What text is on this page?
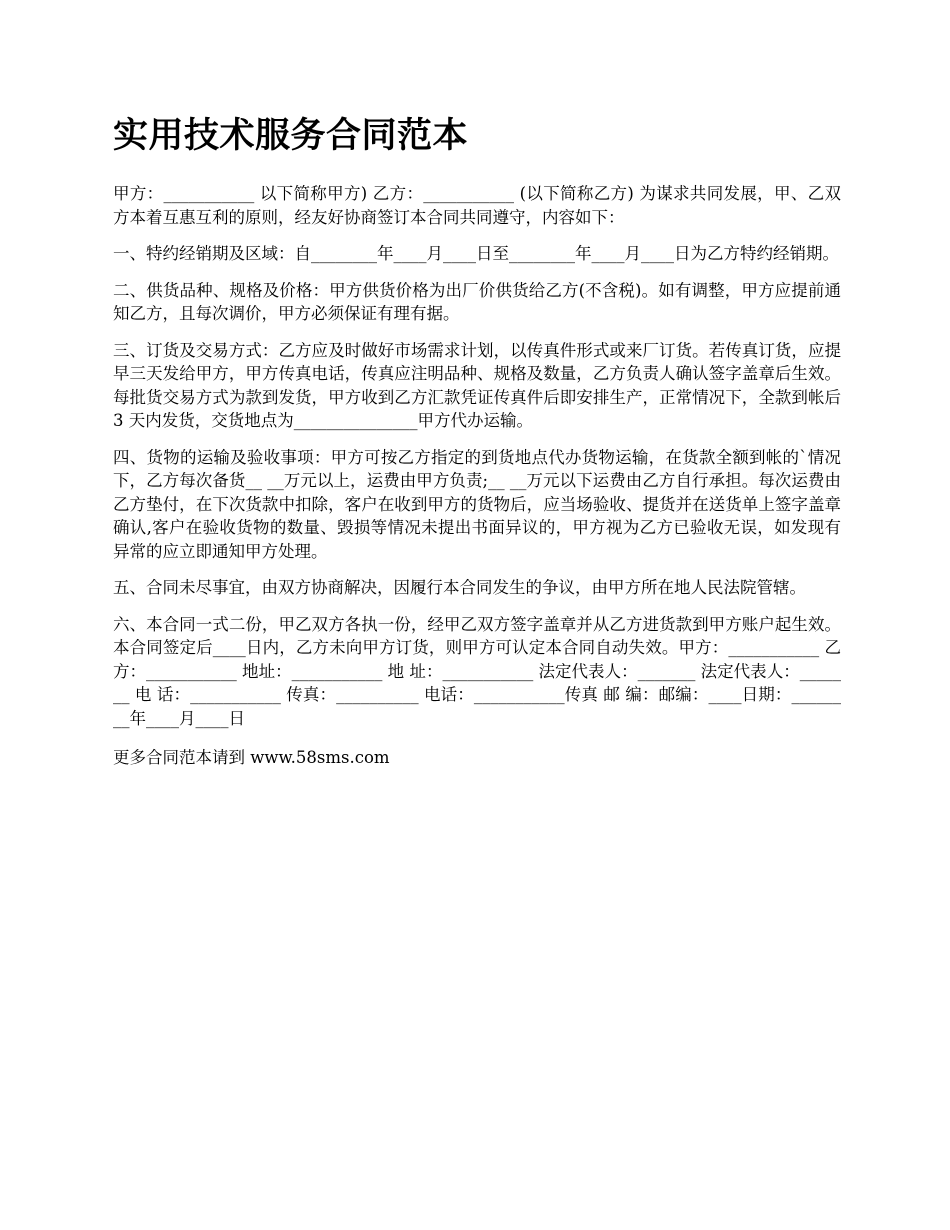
实用技术服务合同范本

甲方：___________ 以下简称甲方) 乙方：___________ (以下简称乙方) 为谋求共同发展，甲、乙双方本着互惠互利的原则，经友好协商签订本合同共同遵守，内容如下：

一、特约经销期及区域：自________年____月____日至________年____月____日为乙方特约经销期。

二、供货品种、规格及价格：甲方供货价格为出厂价供货给乙方(不含税)。如有调整，甲方应提前通知乙方，且每次调价，甲方必须保证有理有据。

三、订货及交易方式：乙方应及时做好市场需求计划，以传真件形式或来厂订货。若传真订货，应提早三天发给甲方，甲方传真电话，传真应注明品种、规格及数量，乙方负责人确认签字盖章后生效。每批货交易方式为款到发货，甲方收到乙方汇款凭证传真件后即安排生产，正常情况下，全款到帐后 3 天内发货，交货地点为_______________甲方代办运输。

四、货物的运输及验收事项：甲方可按乙方指定的到货地点代办货物运输，在货款全额到帐的`情况下，乙方每次备货__ __万元以上，运费由甲方负责;__ __万元以下运费由乙方自行承担。每次运费由乙方垫付，在下次货款中扣除，客户在收到甲方的货物后，应当场验收、提货并在送货单上签字盖章确认,客户在验收货物的数量、毁损等情况未提出书面异议的，甲方视为乙方已验收无误，如发现有异常的应立即通知甲方处理。

五、合同未尽事宜，由双方协商解决，因履行本合同发生的争议，由甲方所在地人民法院管辖。

六、本合同一式二份，甲乙双方各执一份，经甲乙双方签字盖章并从乙方进货款到甲方账户起生效。本合同签定后____日内，乙方未向甲方订货，则甲方可认定本合同自动失效。甲方：___________ 乙方：___________ 地址：___________ 地 址：___________ 法定代表人：_______ 法定代表人：_______ 电 话：___________ 传真：__________ 电话：___________传真 邮 编：邮编：____日期：________年____月____日

更多合同范本请到 www.58sms.com
